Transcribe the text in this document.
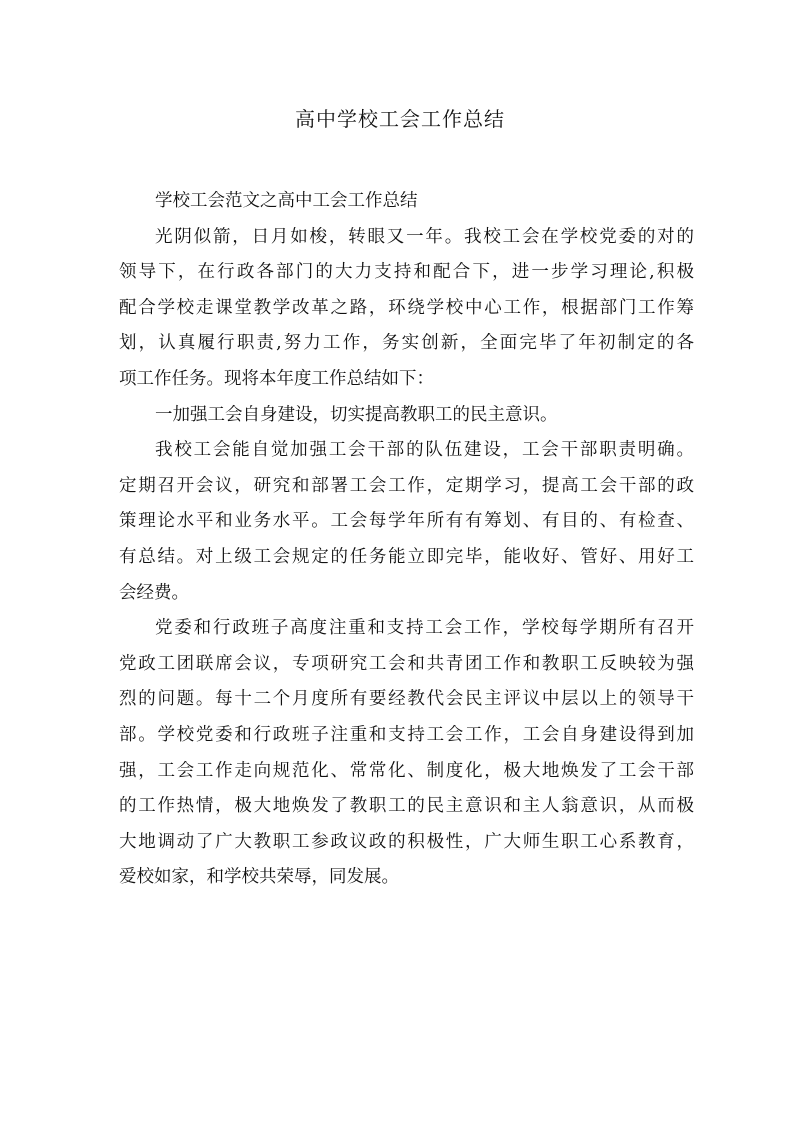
高中学校工会工作总结
学校工会范文之高中工会工作总结
光阴似箭，日月如梭，转眼又一年。我校工会在学校党委的对的
领导下，在行政各部门的大力支持和配合下，进一步学习理论,积极
配合学校走课堂教学改革之路，环绕学校中心工作，根据部门工作筹
划，认真履行职责,努力工作，务实创新，全面完毕了年初制定的各
项工作任务。现将本年度工作总结如下：
一加强工会自身建设，切实提高教职工的民主意识。
我校工会能自觉加强工会干部的队伍建设，工会干部职责明确。
定期召开会议，研究和部署工会工作，定期学习，提高工会干部的政
策理论水平和业务水平。工会每学年所有有筹划、有目的、有检查、
有总结。对上级工会规定的任务能立即完毕，能收好、管好、用好工
会经费。
党委和行政班子高度注重和支持工会工作，学校每学期所有召开
党政工团联席会议，专项研究工会和共青团工作和教职工反映较为强
烈的问题。每十二个月度所有要经教代会民主评议中层以上的领导干
部。学校党委和行政班子注重和支持工会工作，工会自身建设得到加
强，工会工作走向规范化、常常化、制度化，极大地焕发了工会干部
的工作热情，极大地焕发了教职工的民主意识和主人翁意识，从而极
大地调动了广大教职工参政议政的积极性，广大师生职工心系教育，
爱校如家，和学校共荣辱，同发展。
